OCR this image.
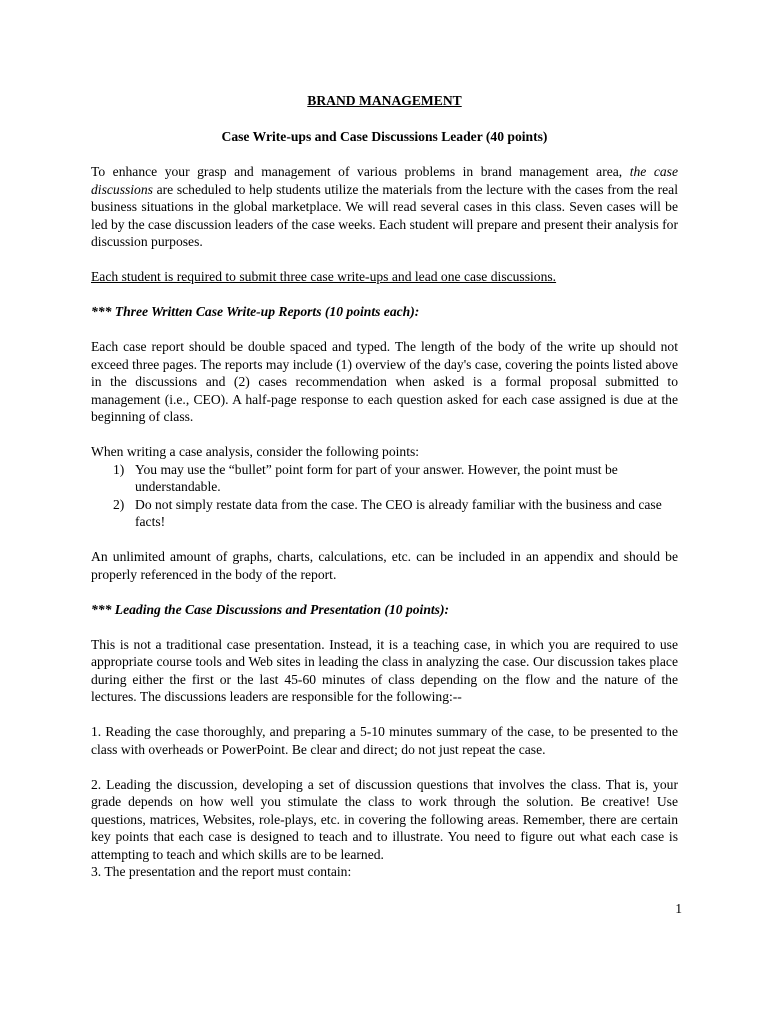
BRAND MANAGEMENT
Case Write-ups and Case Discussions Leader (40 points)

To enhance your grasp and management of various problems in brand management area, the case discussions are scheduled to help students utilize the materials from the lecture with the cases from the real business situations in the global marketplace. We will read several cases in this class. Seven cases will be led by the case discussion leaders of the case weeks. Each student will prepare and present their analysis for discussion purposes.

Each student is required to submit three case write-ups and lead one case discussions.

*** Three Written Case Write-up Reports (10 points each):

Each case report should be double spaced and typed. The length of the body of the write up should not exceed three pages. The reports may include (1) overview of the day's case, covering the points listed above in the discussions and (2) cases recommendation when asked is a formal proposal submitted to management (i.e., CEO). A half-page response to each question asked for each case assigned is due at the beginning of class.

When writing a case analysis, consider the following points:
1) You may use the “bullet” point form for part of your answer. However, the point must be understandable.
2) Do not simply restate data from the case. The CEO is already familiar with the business and case facts!

An unlimited amount of graphs, charts, calculations, etc. can be included in an appendix and should be properly referenced in the body of the report.

*** Leading the Case Discussions and Presentation (10 points):

This is not a traditional case presentation. Instead, it is a teaching case, in which you are required to use appropriate course tools and Web sites in leading the class in analyzing the case. Our discussion takes place during either the first or the last 45-60 minutes of class depending on the flow and the nature of the lectures. The discussions leaders are responsible for the following:--

1. Reading the case thoroughly, and preparing a 5-10 minutes summary of the case, to be presented to the class with overheads or PowerPoint. Be clear and direct; do not just repeat the case.

2. Leading the discussion, developing a set of discussion questions that involves the class. That is, your grade depends on how well you stimulate the class to work through the solution. Be creative! Use questions, matrices, Websites, role-plays, etc. in covering the following areas. Remember, there are certain key points that each case is designed to teach and to illustrate. You need to figure out what each case is attempting to teach and which skills are to be learned.

3. The presentation and the report must contain:
1
